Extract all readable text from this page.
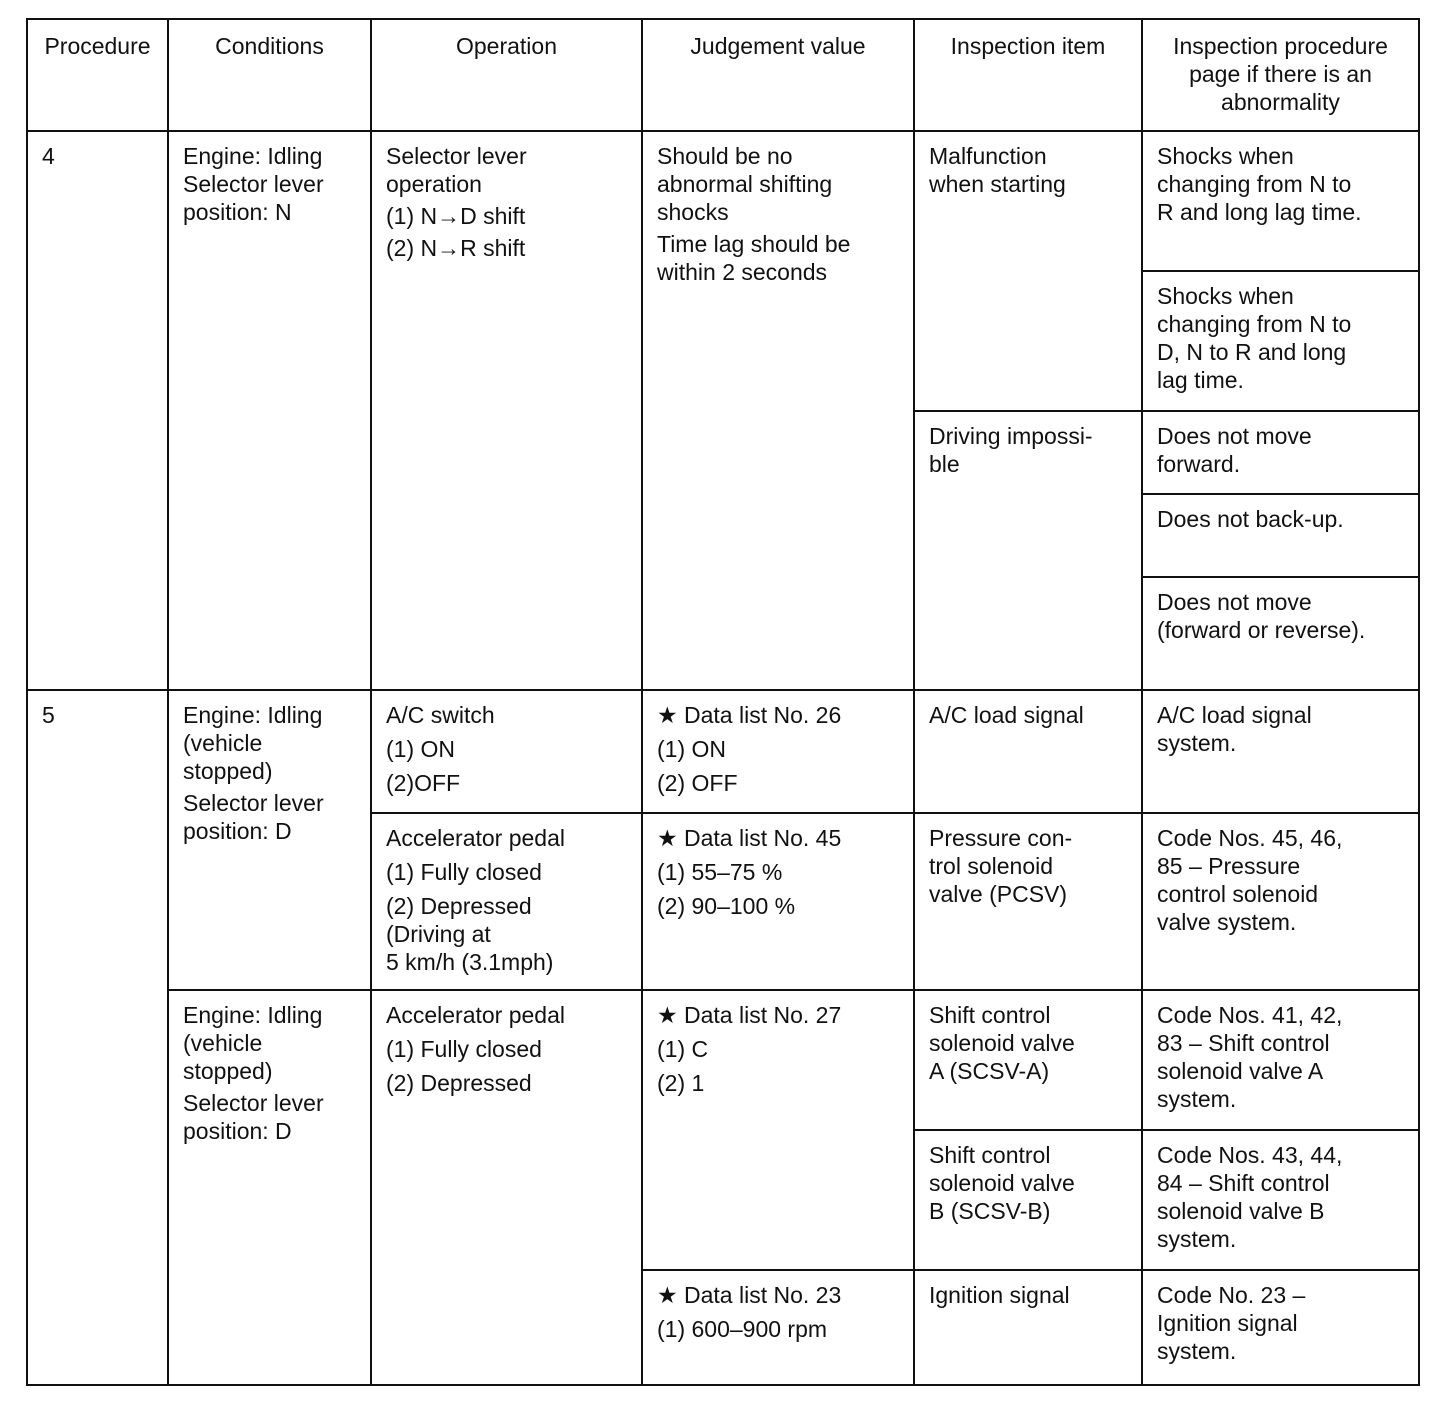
Procedure	Conditions	Operation	Judgement value	Inspection item	Inspection procedure
page if there is an
abnormality

4	Engine: Idling
Selector lever
position: N	Selector lever
operation
(1) N→D shift
(2) N→R shift	Should be no
abnormal shifting
shocks
Time lag should be
within 2 seconds	Malfunction
when starting	Shocks when
changing from N to
R and long lag time.

					Shocks when
changing from N to
D, N to R and long
lag time.

				Driving impossi-
ble	Does not move
forward.

					Does not back-up.

					Does not move
(forward or reverse).

5	Engine: Idling
(vehicle
stopped)
Selector lever
position: D	A/C switch
(1) ON
(2)OFF	★ Data list No. 26
(1) ON
(2) OFF	A/C load signal	A/C load signal
system.

		Accelerator pedal
(1) Fully closed
(2) Depressed
(Driving at
5 km/h (3.1mph)	★ Data list No. 45
(1) 55–75 %
(2) 90–100 %	Pressure con-
trol solenoid
valve (PCSV)	Code Nos. 45, 46,
85 – Pressure
control solenoid
valve system.

	Engine: Idling
(vehicle
stopped)
Selector lever
position: D	Accelerator pedal
(1) Fully closed
(2) Depressed	★ Data list No. 27
(1) C
(2) 1	Shift control
solenoid valve
A (SCSV-A)	Code Nos. 41, 42,
83 – Shift control
solenoid valve A
system.

				Shift control
solenoid valve
B (SCSV-B)	Code Nos. 43, 44,
84 – Shift control
solenoid valve B
system.

			★ Data list No. 23
(1) 600–900 rpm	Ignition signal	Code No. 23 –
Ignition signal
system.
